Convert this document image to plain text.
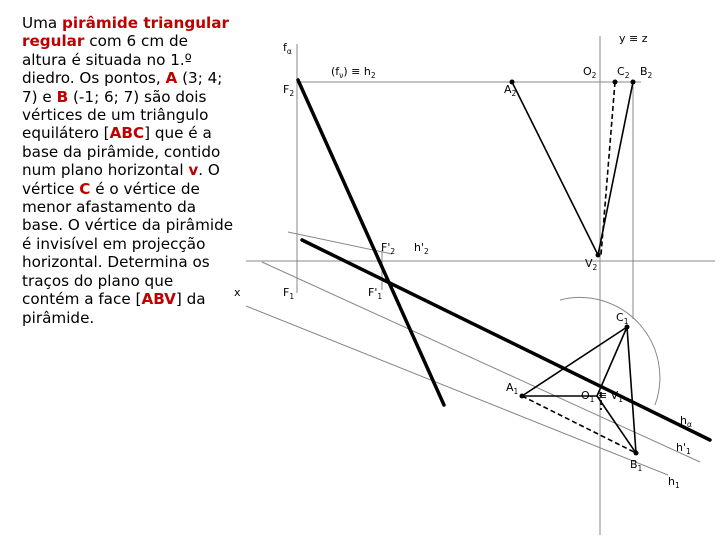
Uma pirâmide triangular regular com 6 cm de altura é situada no 1.º diedro. Os pontos, A (3; 4; 7) e B (-1; 6; 7) são dois vértices de um triângulo equilátero [ABC] que é a base da pirâmide, contido num plano horizontal v. O vértice C é o vértice de menor afastamento da base. O vértice da pirâmide é invisível em projecção horizontal. Determina os traços do plano que contém a face [ABV] da pirâmide.
y ≡ z
x
$f_\alpha$
$F_2$
$F_1$
$(f_\nu) \equiv h_2$
$A_2$
$O_2$ $C_2$ $B_2$
$F'_2$ $h'_2$
$V_2$
$F'_1$
$C_1$
$A_1$	$O_1 \equiv V_1$
$h_\alpha$
$h'_1$
$B_1$
$h_1$
